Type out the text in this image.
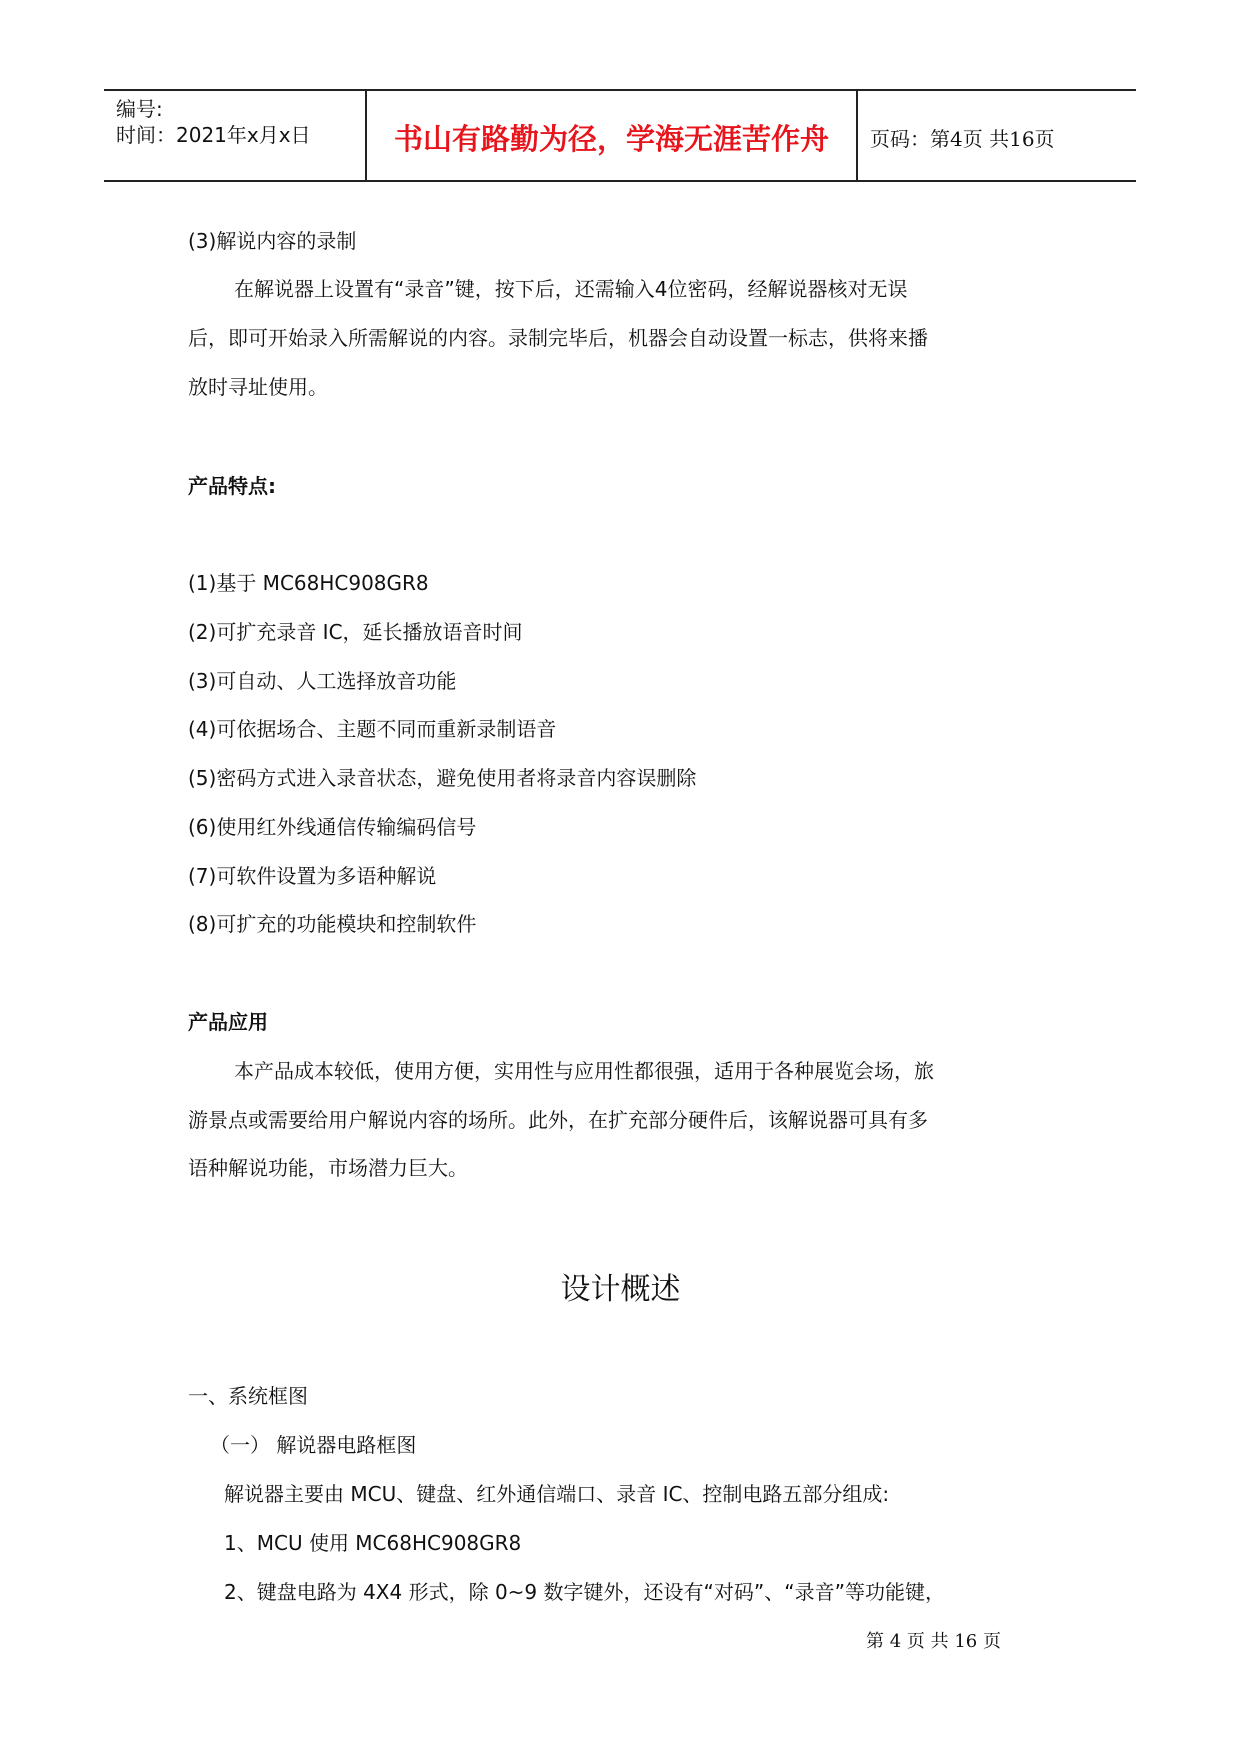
编号:
时间：2021年x月x日	书山有路勤为径，学海无涯苦作舟	页码：第4页 共16页
(3)解说内容的录制
在解说器上设置有“录音”键，按下后，还需输入4位密码，经解说器核对无误
后，即可开始录入所需解说的内容。录制完毕后，机器会自动设置一标志，供将来播
放时寻址使用。
产品特点:
(1)基于 MC68HC908GR8
(2)可扩充录音 IC，延长播放语音时间
(3)可自动、人工选择放音功能
(4)可依据场合、主题不同而重新录制语音
(5)密码方式进入录音状态，避免使用者将录音内容误删除
(6)使用红外线通信传输编码信号
(7)可软件设置为多语种解说
(8)可扩充的功能模块和控制软件
产品应用
本产品成本较低，使用方便，实用性与应用性都很强，适用于各种展览会场，旅
游景点或需要给用户解说内容的场所。此外，在扩充部分硬件后，该解说器可具有多
语种解说功能，市场潜力巨大。
设计概述
一、系统框图
（一） 解说器电路框图
解说器主要由 MCU、键盘、红外通信端口、录音 IC、控制电路五部分组成:
1、MCU 使用 MC68HC908GR8
2、键盘电路为 4X4 形式，除 0~9 数字键外，还设有“对码”、“录音”等功能键，
第 4 页 共 16 页
